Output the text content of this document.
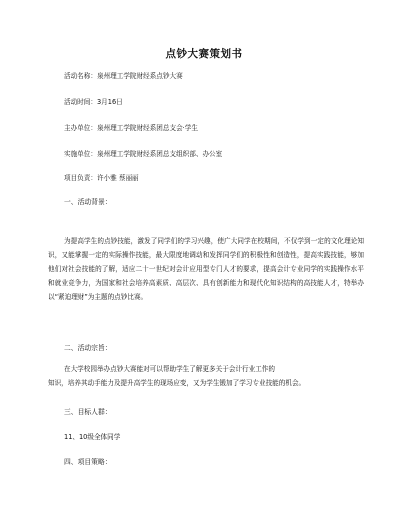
点钞大赛策划书
活动名称：泉州理工学院财经系点钞大赛
活动时间：3月16日
主办单位：泉州理工学院财经系团总支会·学生
实施单位：泉州理工学院财经系团总支组织部、办公室
项目负责：许小雅 蔡丽丽
一、活动背景：
为提高学生的点钞技能，激发了同学们的学习兴趣，使广大同学在校期间，不仅学到一定的文化理论知识，又能掌握一定的实际操作技能，最大限度地调动和发挥同学们的积极性和创造性，提高实践技能，够加他们对社会技能的了解，适应二十一世纪对会计应用型专门人才的要求，提高会计专业同学的实践操作水平和就业竞争力，为国家和社会培养高素质、高层次、具有创新能力和现代化知识结构的高技能人才，特举办以“紧迫理财”为主题的点钞比赛。
二、活动宗旨：
在大学校园举办点钞大赛能对可以帮助学生了解更多关于会计行业工作的
知识，培养其动手能力及提升高学生的现场应变，又为学生锻加了学习专业技能的机会。
三、目标人群：
11、10级全体同学
四、项目策略：
